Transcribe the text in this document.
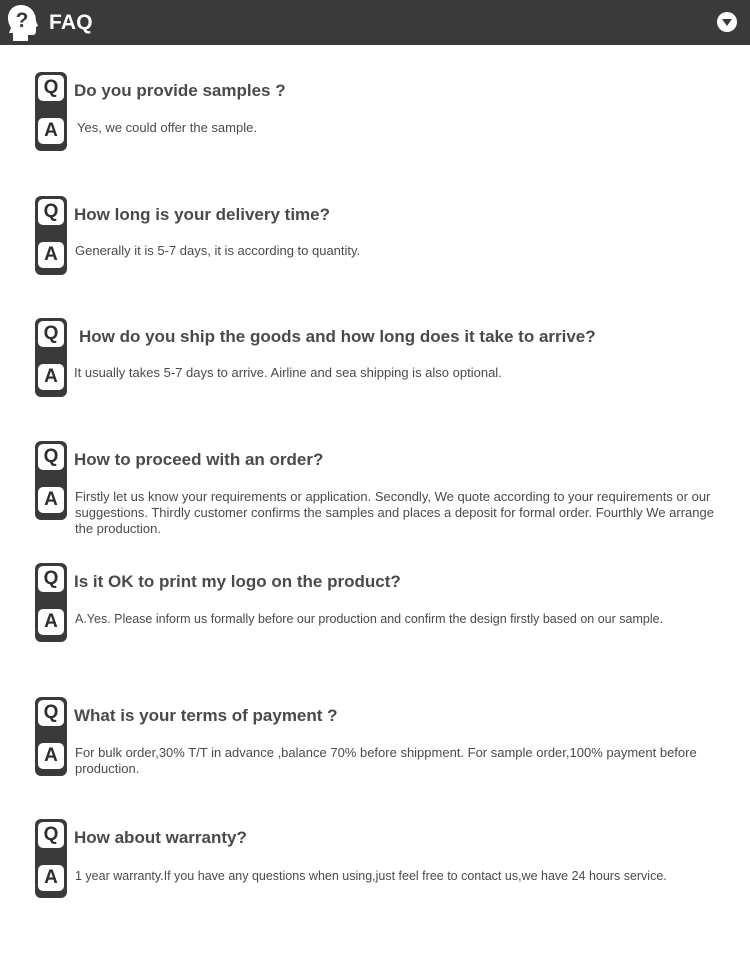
? FAQ
Q
A
Do you provide samples ?
Yes, we could offer the sample.
Q
A
How long is your delivery time?
Generally it is 5-7 days, it is according to quantity.
Q
A
How do you ship the goods and how long does it take to arrive?
It usually takes 5-7 days to arrive. Airline and sea shipping is also optional.
Q
A
How to proceed with an order?
Firstly let us know your requirements or application. Secondly, We quote according to your requirements or our suggestions. Thirdly customer confirms the samples and places a deposit for formal order. Fourthly We arrange the production.
Q
A
Is it OK to print my logo on the product?
A.Yes. Please inform us formally before our production and confirm the design firstly based on our sample.
Q
A
What is your terms of payment ?
For bulk order,30% T/T in advance ,balance 70% before shippment. For sample order,100% payment before production.
Q
A
How about warranty?
1 year warranty.If you have any questions when using,just feel free to contact us,we have 24 hours service.
